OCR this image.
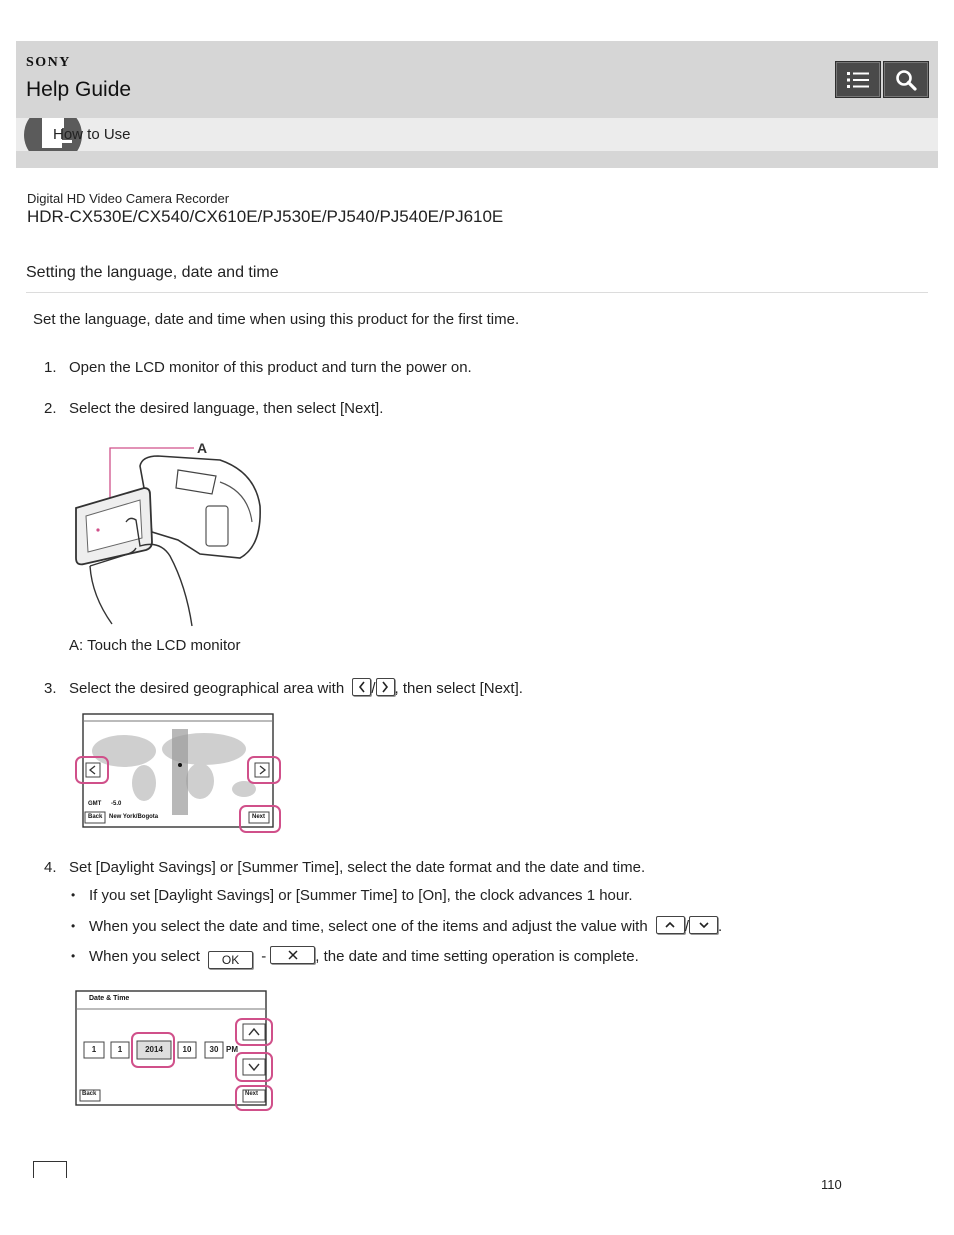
SONY
Help Guide
How to Use
Digital HD Video Camera Recorder
HDR-CX530E/CX540/CX610E/PJ530E/PJ540/PJ540E/PJ610E
Setting the language, date and time
Set the language, date and time when using this product for the first time.
1. Open the LCD monitor of this product and turn the power on.
2. Select the desired language, then select [Next].
A
A: Touch the LCD monitor
3. Select the desired geographical area with / , then select [Next].
GMT -5.0
Back New York/Bogota	Next
4. Set [Daylight Savings] or [Summer Time], select the date format and the date and time.
• If you set [Daylight Savings] or [Summer Time] to [On], the clock advances 1 hour.
• When you select the date and time, select one of the items and adjust the value with / .
• When you select OK -	, the date and time setting operation is complete.
Date & Time
1	1	2014	10	30 PM
Back	Next
110
